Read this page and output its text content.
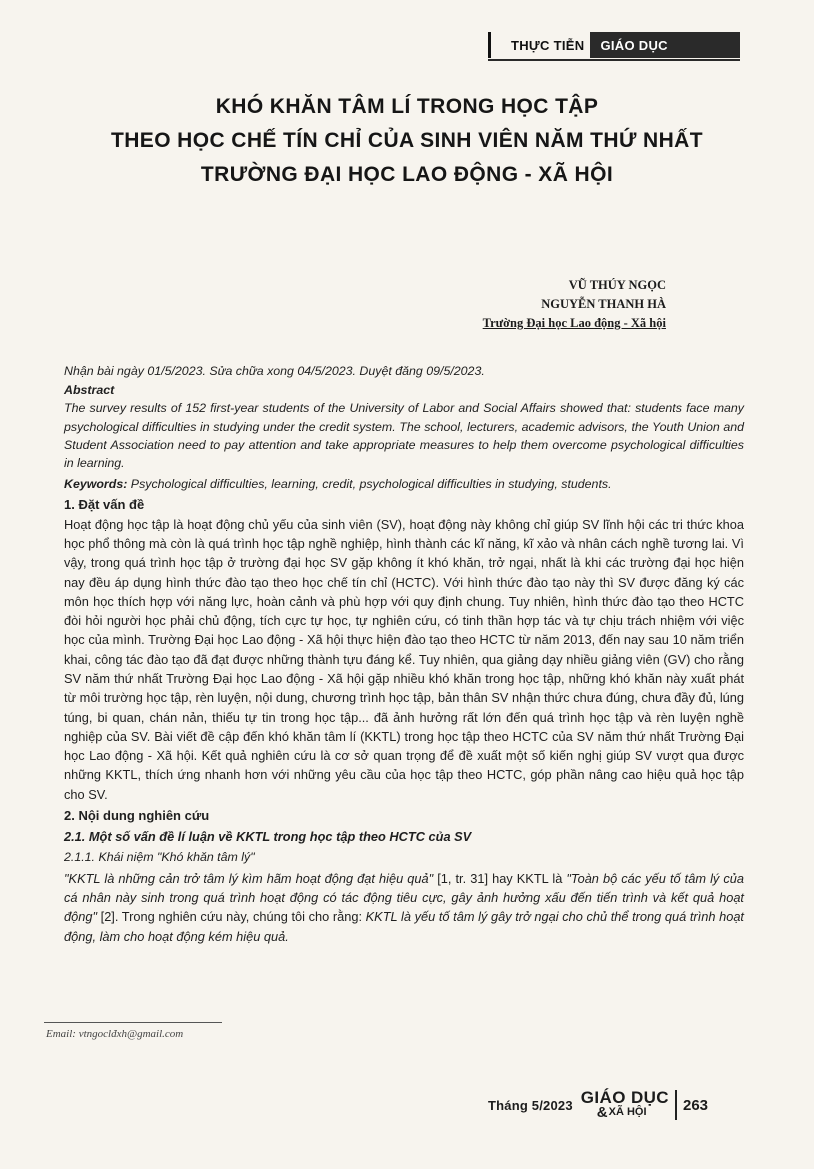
THỰC TIỄN	GIÁO DỤC
KHÓ KHĂN TÂM LÍ TRONG HỌC TẬP
THEO HỌC CHẾ TÍN CHỈ CỦA SINH VIÊN NĂM THỨ NHẤT
TRƯỜNG ĐẠI HỌC LAO ĐỘNG - XÃ HỘI
VŨ THÚY NGỌC
NGUYỄN THANH HÀ
Trường Đại học Lao động - Xã hội
Nhận bài ngày 01/5/2023. Sửa chữa xong 04/5/2023. Duyệt đăng 09/5/2023.
Abstract
The survey results of 152 first-year students of the University of Labor and Social Affairs showed that: students face many psychological difficulties in studying under the credit system. The school, lecturers, academic advisors, the Youth Union and Student Association need to pay attention and take appropriate measures to help them overcome psychological difficulties in learning.
Keywords: Psychological difficulties, learning, credit, psychological difficulties in studying, students.
1. Đặt vấn đề
Hoạt động học tập là hoạt động chủ yếu của sinh viên (SV), hoạt động này không chỉ giúp SV lĩnh hội các tri thức khoa học phổ thông mà còn là quá trình học tập nghề nghiệp, hình thành các kĩ năng, kĩ xảo và nhân cách nghề tương lai. Vì vậy, trong quá trình học tập ở trường đại học SV gặp không ít khó khăn, trở ngại, nhất là khi các trường đại học hiện nay đều áp dụng hình thức đào tạo theo học chế tín chỉ (HCTC). Với hình thức đào tạo này thì SV được đăng ký các môn học thích hợp với năng lực, hoàn cảnh và phù hợp với quy định chung. Tuy nhiên, hình thức đào tạo theo HCTC đòi hỏi người học phải chủ động, tích cực tự học, tự nghiên cứu, có tinh thần hợp tác và tự chịu trách nhiệm với việc học của mình. Trường Đại học Lao động - Xã hội thực hiện đào tạo theo HCTC từ năm 2013, đến nay sau 10 năm triển khai, công tác đào tạo đã đạt được những thành tựu đáng kể. Tuy nhiên, qua giảng dạy nhiều giảng viên (GV) cho rằng SV năm thứ nhất Trường Đại học Lao động - Xã hội gặp nhiều khó khăn trong học tập, những khó khăn này xuất phát từ môi trường học tập, rèn luyện, nội dung, chương trình học tập, bản thân SV nhận thức chưa đúng, chưa đầy đủ, lúng túng, bi quan, chán nản, thiếu tự tin trong học tập... đã ảnh hưởng rất lớn đến quá trình học tập và rèn luyện nghề nghiệp của SV. Bài viết đề cập đến khó khăn tâm lí (KKTL) trong học tập theo HCTC của SV năm thứ nhất Trường Đại học Lao động - Xã hội. Kết quả nghiên cứu là cơ sở quan trọng để đề xuất một số kiến nghị giúp SV vượt qua được những KKTL, thích ứng nhanh hơn với những yêu cầu của học tập theo HCTC, góp phần nâng cao hiệu quả học tập cho SV.
2. Nội dung nghiên cứu
2.1. Một số vấn đề lí luận về KKTL trong học tập theo HCTC của SV
2.1.1. Khái niệm "Khó khăn tâm lý"
"KKTL là những cản trở tâm lý kìm hãm hoạt động đạt hiệu quả" [1, tr. 31] hay KKTL là "Toàn bộ các yếu tố tâm lý của cá nhân này sinh trong quá trình hoạt động có tác động tiêu cực, gây ảnh hưởng xấu đến tiến trình và kết quả hoạt động" [2]. Trong nghiên cứu này, chúng tôi cho rằng: KKTL là yếu tố tâm lý gây trở ngại cho chủ thể trong quá trình hoạt động, làm cho hoạt động kém hiệu quả.
Email: vtngoclđxh@gmail.com
Tháng 5/2023 GIÁO DỤC
& XÃ HỘI	263
